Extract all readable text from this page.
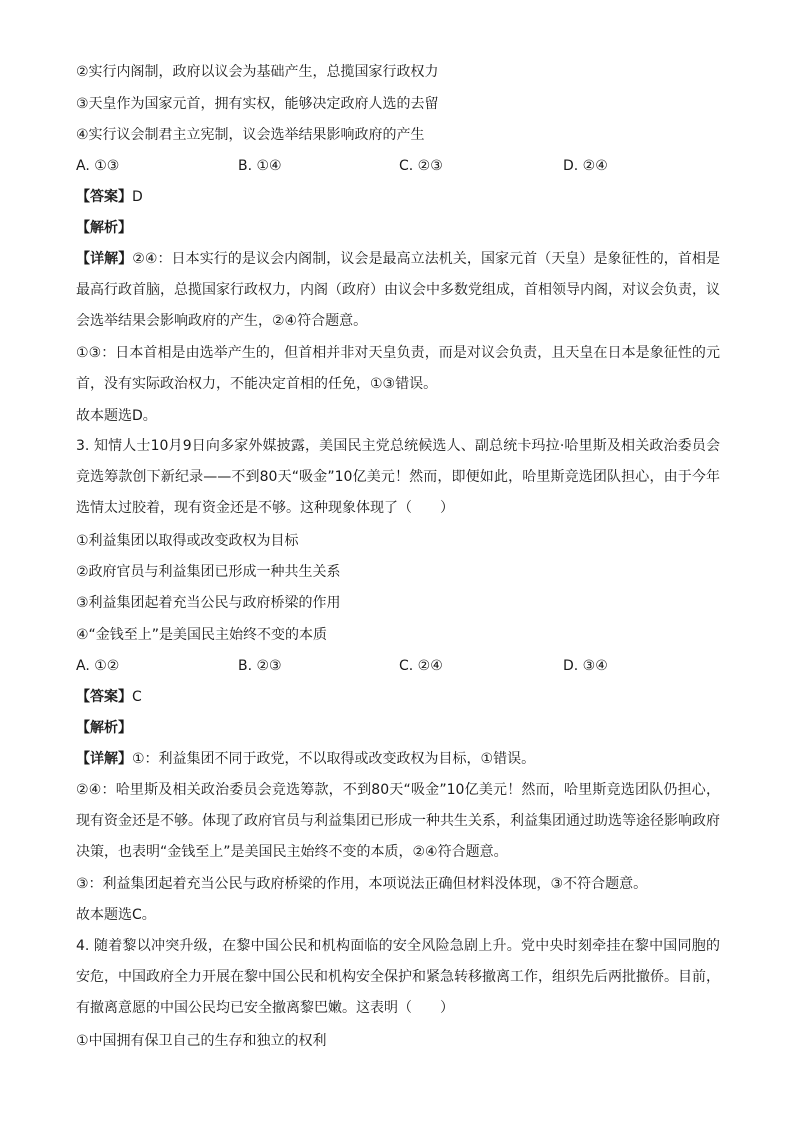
②实行内阁制，政府以议会为基础产生，总揽国家行政权力
③天皇作为国家元首，拥有实权，能够决定政府人选的去留
④实行议会制君主立宪制，议会选举结果影响政府的产生
A. ①③	B. ①④	C. ②③	D. ②④
【答案】D
【解析】
【详解】②④：日本实行的是议会内阁制，议会是最高立法机关，国家元首（天皇）是象征性的，首相是最高行政首脑，总揽国家行政权力，内阁（政府）由议会中多数党组成，首相领导内阁，对议会负责，议会选举结果会影响政府的产生，②④符合题意。
①③：日本首相是由选举产生的，但首相并非对天皇负责，而是对议会负责，且天皇在日本是象征性的元首，没有实际政治权力，不能决定首相的任免，①③错误。
故本题选D。
3. 知情人士10月9日向多家外媒披露，美国民主党总统候选人、副总统卡玛拉·哈里斯及相关政治委员会竞选筹款创下新纪录——不到80天“吸金”10亿美元！然而，即便如此，哈里斯竞选团队担心，由于今年选情太过胶着，现有资金还是不够。这种现象体现了（　　）
①利益集团以取得或改变政权为目标
②政府官员与利益集团已形成一种共生关系
③利益集团起着充当公民与政府桥梁的作用
④“金钱至上”是美国民主始终不变的本质
A. ①②	B. ②③	C. ②④	D. ③④
【答案】C
【解析】
【详解】①：利益集团不同于政党，不以取得或改变政权为目标，①错误。
②④：哈里斯及相关政治委员会竞选筹款，不到80天“吸金”10亿美元！然而，哈里斯竞选团队仍担心，现有资金还是不够。体现了政府官员与利益集团已形成一种共生关系，利益集团通过助选等途径影响政府决策，也表明“金钱至上”是美国民主始终不变的本质，②④符合题意。
③：利益集团起着充当公民与政府桥梁的作用，本项说法正确但材料没体现，③不符合题意。
故本题选C。
4. 随着黎以冲突升级，在黎中国公民和机构面临的安全风险急剧上升。党中央时刻牵挂在黎中国同胞的安危，中国政府全力开展在黎中国公民和机构安全保护和紧急转移撤离工作，组织先后两批撤侨。目前，有撤离意愿的中国公民均已安全撤离黎巴嫩。这表明（　　）
①中国拥有保卫自己的生存和独立的权利
